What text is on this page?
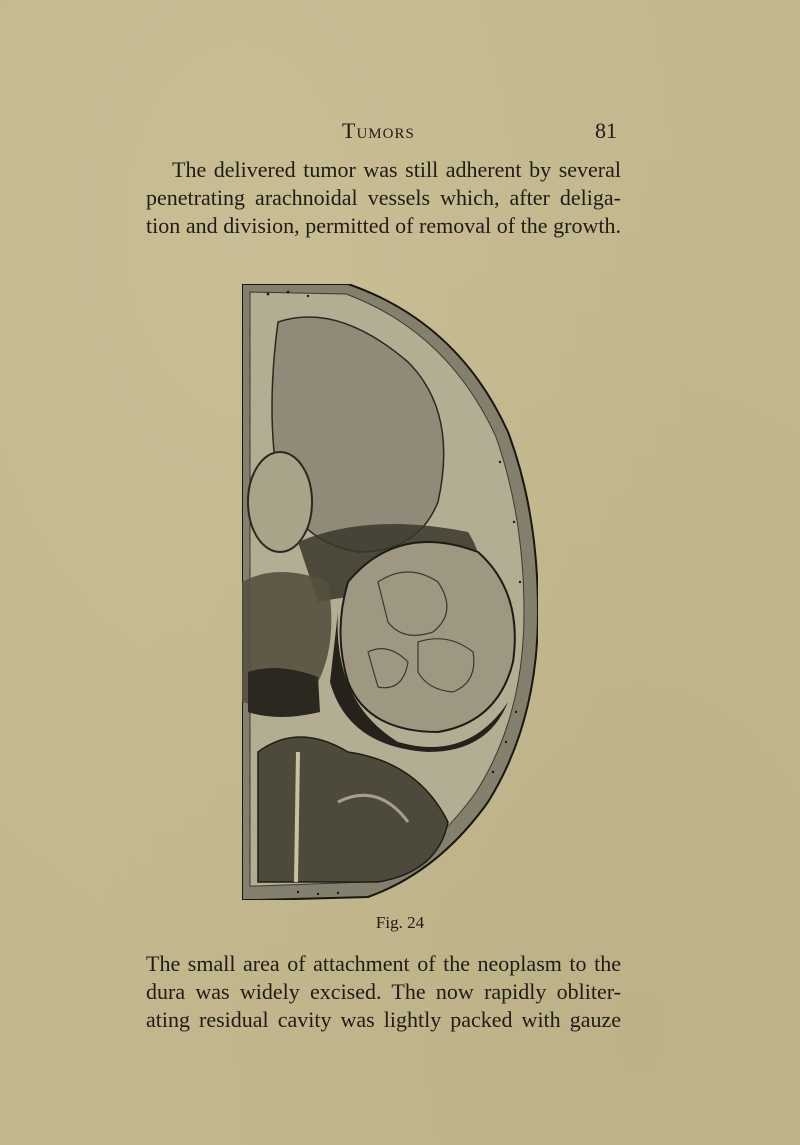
Tumors	81
The delivered tumor was still adherent by several
penetrating arachnoidal vessels which, after deliga-
tion and division, permitted of removal of the growth.
Fig. 24
The small area of attachment of the neoplasm to the
dura was widely excised. The now rapidly obliter-
ating residual cavity was lightly packed with gauze
